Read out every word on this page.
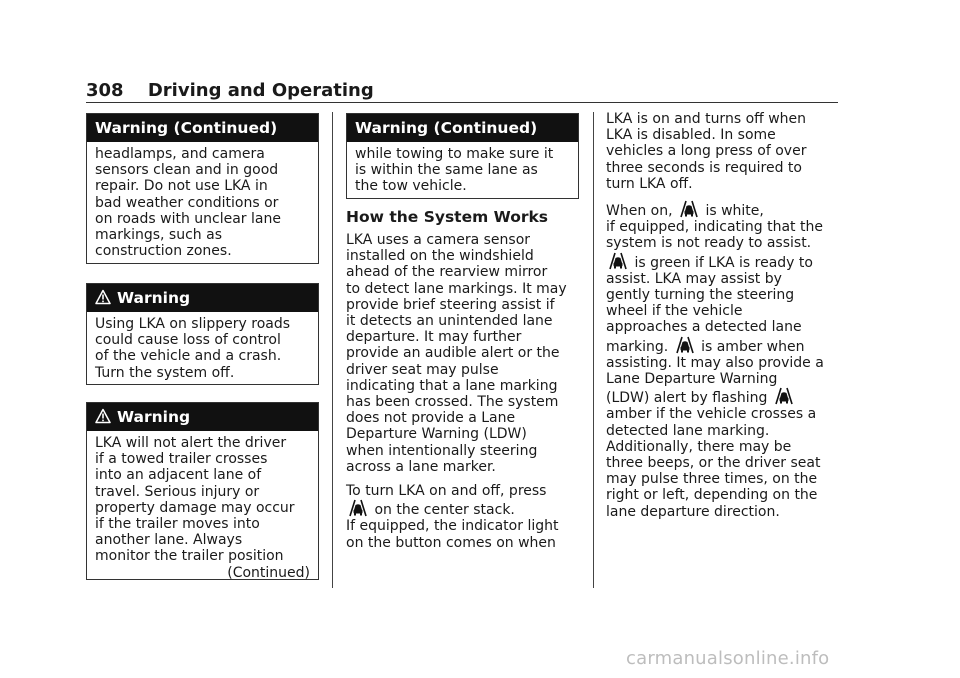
308 Driving and Operating
Warning (Continued)

headlamps, and camera

sensors clean and in good

repair. Do not use LKA in

bad weather conditions or

on roads with unclear lane

markings, such as

construction zones.

Warning

Using LKA on slippery roads

could cause loss of control

of the vehicle and a crash.

Turn the system off.

Warning

LKA will not alert the driver

if a towed trailer crosses

into an adjacent lane of

travel. Serious injury or

property damage may occur

if the trailer moves into

another lane. Always

monitor the trailer position

(Continued)
Warning (Continued)

while towing to make sure it

is within the same lane as

the tow vehicle.

How the System Works

LKA uses a camera sensor

installed on the windshield

ahead of the rearview mirror

to detect lane markings. It may

provide brief steering assist if

it detects an unintended lane

departure. It may further

provide an audible alert or the

driver seat may pulse

indicating that a lane marking

has been crossed. The system

does not provide a Lane

Departure Warning (LDW)

when intentionally steering

across a lane marker.

To turn LKA on and off, press

on the center stack.

If equipped, the indicator light

on the button comes on when

LKA is on and turns off when

LKA is disabled. In some

vehicles a long press of over

three seconds is required to

turn LKA off.

When on,  is white,

if equipped, indicating that the

system is not ready to assist.

is green if LKA is ready to

assist. LKA may assist by

gently turning the steering

wheel if the vehicle

approaches a detected lane

marking.  is amber when

assisting. It may also provide a

Lane Departure Warning

(LDW) alert by flashing

amber if the vehicle crosses a

detected lane marking.

Additionally, there may be

three beeps, or the driver seat

may pulse three times, on the

right or left, depending on the

lane departure direction.

carmanualsonline.info
